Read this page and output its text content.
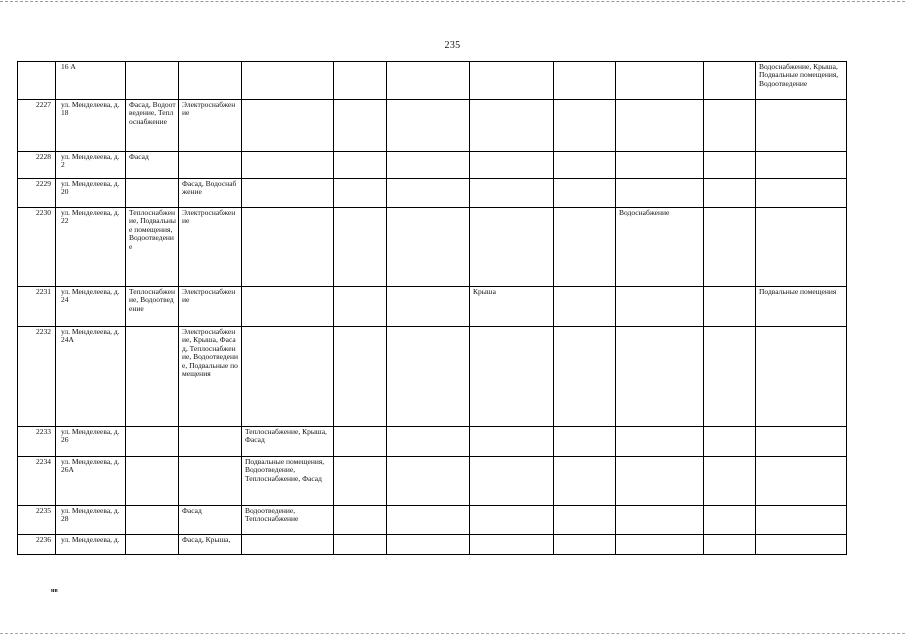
235
	16 А										Водоснабжение, Крыша, Подвальные помещения, Водоотведение
2227	ул. Менделеева, д. 18	Фасад, Водоотведение, Теплоснабжение	Электроснабжение								
2228	ул. Менделеева, д. 2	Фасад									
2229	ул. Менделеева, д. 20		Фасад, Водоснабжение								
2230	ул. Менделеева, д. 22	Теплоснабжение, Подвальные помещения, Водоотведение	Электроснабжение						Водоснабжение		
2231	ул. Менделеева, д. 24	Теплоснабжение, Водоотведение	Электроснабжение				Крыша				Подвальные помещения
2232	ул. Менделеева, д. 24А		Электроснабжение, Крыша, Фасад, Теплоснабжение, Водоотведение, Подвальные помещения								
2233	ул. Менделеева, д. 26			Теплоснабжение, Крыша, Фасад							
2234	ул. Менделеева, д. 26А			Подвальные помещения, Водоотведение, Теплоснабжение, Фасад							
2235	ул. Менделеева, д. 28		Фасад	Водоотведение, Теплоснабжение							
2236	ул. Менделеева, д.		Фасад, Крыша,								
нв
